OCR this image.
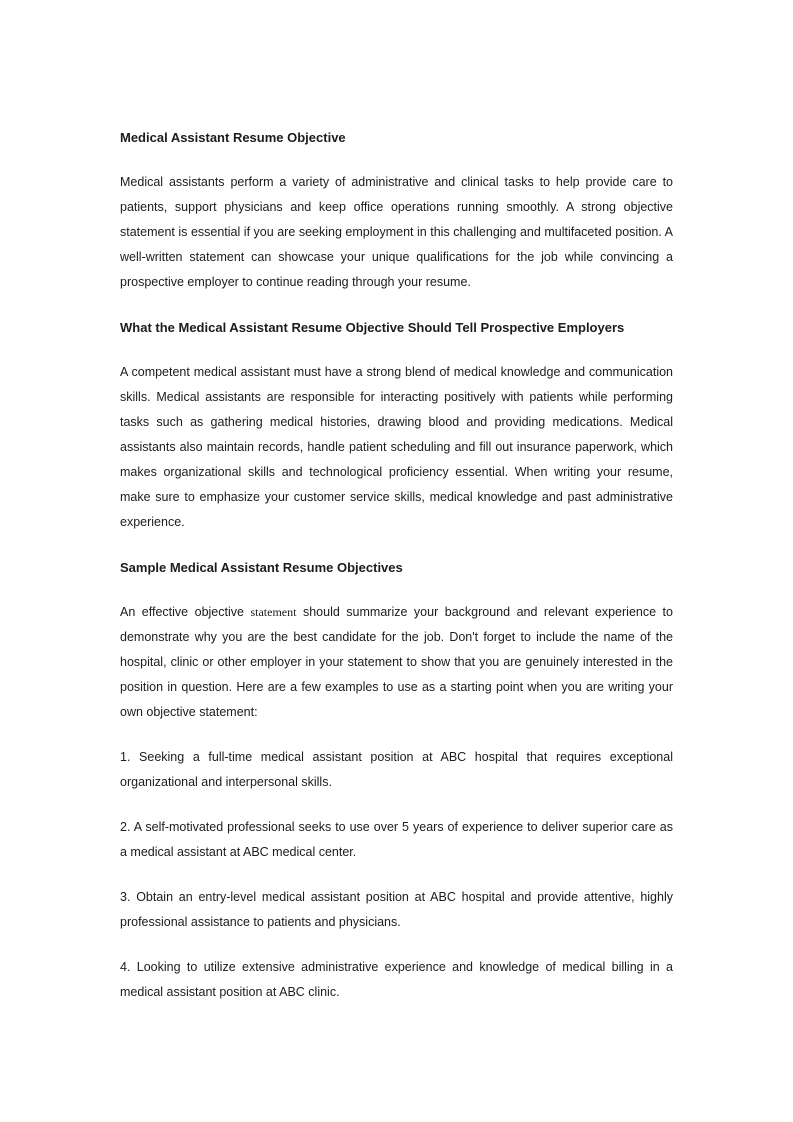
Medical Assistant Resume Objective
Medical assistants perform a variety of administrative and clinical tasks to help provide care to patients, support physicians and keep office operations running smoothly. A strong objective statement is essential if you are seeking employment in this challenging and multifaceted position. A well-written statement can showcase your unique qualifications for the job while convincing a prospective employer to continue reading through your resume.
What the Medical Assistant Resume Objective Should Tell Prospective Employers
A competent medical assistant must have a strong blend of medical knowledge and communication skills. Medical assistants are responsible for interacting positively with patients while performing tasks such as gathering medical histories, drawing blood and providing medications. Medical assistants also maintain records, handle patient scheduling and fill out insurance paperwork, which makes organizational skills and technological proficiency essential. When writing your resume, make sure to emphasize your customer service skills, medical knowledge and past administrative experience.
Sample Medical Assistant Resume Objectives
An effective objective statement should summarize your background and relevant experience to demonstrate why you are the best candidate for the job. Don't forget to include the name of the hospital, clinic or other employer in your statement to show that you are genuinely interested in the position in question. Here are a few examples to use as a starting point when you are writing your own objective statement:
1. Seeking a full-time medical assistant position at ABC hospital that requires exceptional organizational and interpersonal skills.
2. A self-motivated professional seeks to use over 5 years of experience to deliver superior care as a medical assistant at ABC medical center.
3. Obtain an entry-level medical assistant position at ABC hospital and provide attentive, highly professional assistance to patients and physicians.
4. Looking to utilize extensive administrative experience and knowledge of medical billing in a medical assistant position at ABC clinic.
